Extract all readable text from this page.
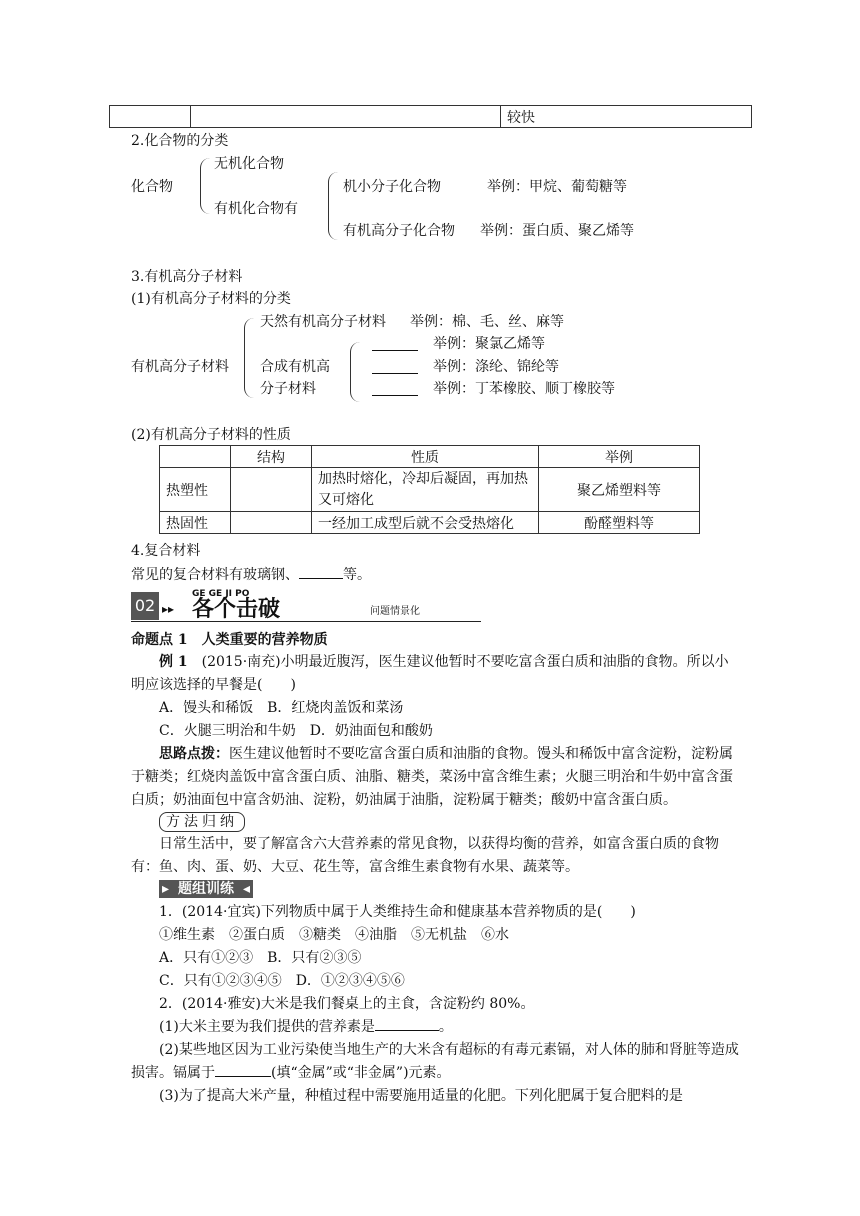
		较快
2.化合物的分类
化合物
无机化合物
有机化合物有
机小分子化合物	举例：甲烷、葡萄糖等
有机高分子化合物 举例：蛋白质、聚乙烯等
3.有机高分子材料
(1)有机高分子材料的分类
有机高分子材料
天然有机高分子材料 举例：棉、毛、丝、麻等
合成有机高
分子材料
举例：聚氯乙烯等
举例：涤纶、锦纶等
举例：丁苯橡胶、顺丁橡胶等
(2)有机高分子材料的性质
	结构	性质	举例
热塑性		加热时熔化，冷却后凝固，再加热又可熔化	聚乙烯塑料等
热固性		一经加工成型后就不会受热熔化	酚醛塑料等
4.复合材料
常见的复合材料有玻璃钢、	等。
02 ▸▸
GE GE JI PO
各个击破	问题情景化
命题点 1　人类重要的营养物质
例 1　 (2015·南充)小明最近腹泻，医生建议他暂时不要吃富含蛋白质和油脂的食物。所以小明应该选择的早餐是(　　)
A．馒头和稀饭　B．红烧肉盖饭和菜汤
C．火腿三明治和牛奶　D．奶油面包和酸奶
思路点拨：医生建议他暂时不要吃富含蛋白质和油脂的食物。馒头和稀饭中富含淀粉，淀粉属于糖类；红烧肉盖饭中富含蛋白质、油脂、糖类，菜汤中富含维生素；火腿三明治和牛奶中富含蛋白质；奶油面包中富含奶油、淀粉，奶油属于油脂，淀粉属于糖类；酸奶中富含蛋白质。
方法归纳
日常生活中，要了解富含六大营养素的常见食物，以获得均衡的营养，如富含蛋白质的食物有：鱼、肉、蛋、奶、大豆、花生等，富含维生素食物有水果、蔬菜等。
▸ 题组训练 ◂
1．(2014·宜宾)下列物质中属于人类维持生命和健康基本营养物质的是(　　)
①维生素　②蛋白质　③糖类　④油脂　⑤无机盐　⑥水
A．只有①②③　B．只有②③⑤
C．只有①②③④⑤　D．①②③④⑤⑥
2．(2014·雅安)大米是我们餐桌上的主食，含淀粉约 80%。
(1)大米主要为我们提供的营养素是	。
(2)某些地区因为工业污染使当地生产的大米含有超标的有毒元素镉，对人体的肺和肾脏等造成损害。镉属于	(填“金属”或“非金属”)元素。
(3)为了提高大米产量，种植过程中需要施用适量的化肥。下列化肥属于复合肥料的是
